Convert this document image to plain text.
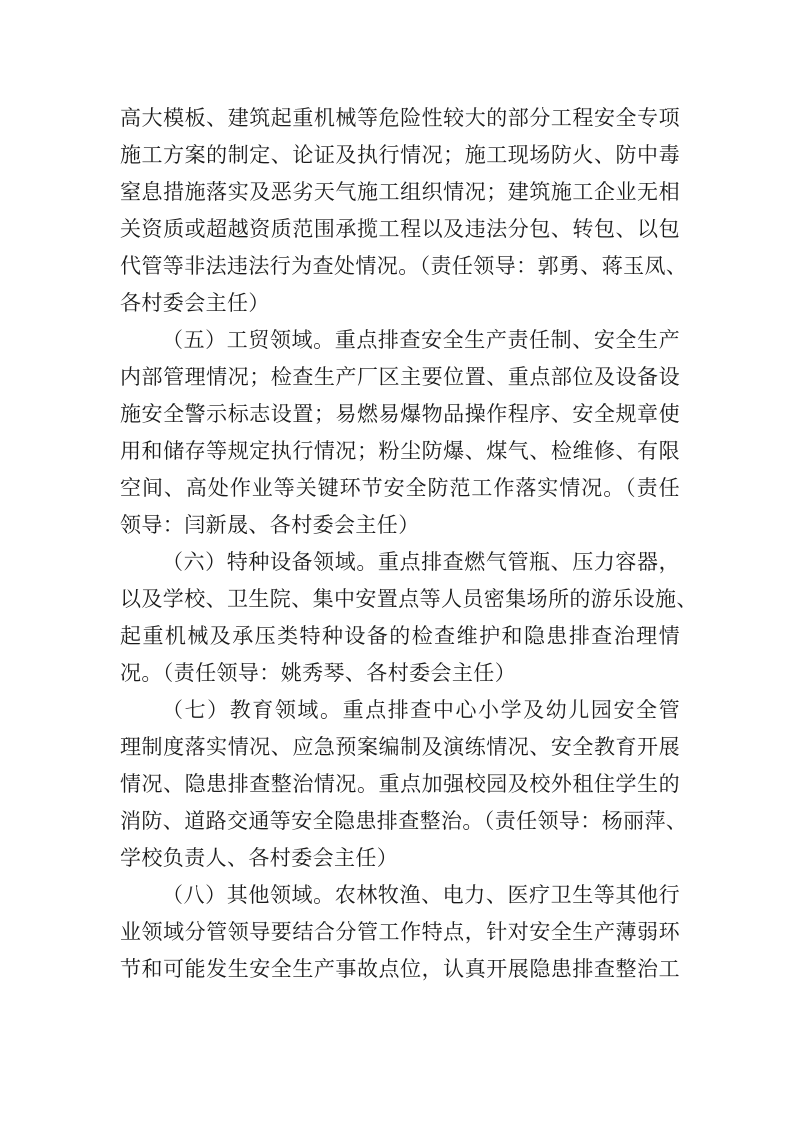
高大模板、建筑起重机械等危险性较大的部分工程安全专项
施工方案的制定、论证及执行情况；施工现场防火、防中毒
窒息措施落实及恶劣天气施工组织情况；建筑施工企业无相
关资质或超越资质范围承揽工程以及违法分包、转包、以包
代管等非法违法行为查处情况。（责任领导：郭勇、蒋玉凤、
各村委会主任）
（五）工贸领域。重点排查安全生产责任制、安全生产
内部管理情况；检查生产厂区主要位置、重点部位及设备设
施安全警示标志设置；易燃易爆物品操作程序、安全规章使
用和储存等规定执行情况；粉尘防爆、煤气、检维修、有限
空间、高处作业等关键环节安全防范工作落实情况。（责任
领导：闫新晟、各村委会主任）
（六）特种设备领域。重点排查燃气管瓶、压力容器，
以及学校、卫生院、集中安置点等人员密集场所的游乐设施、
起重机械及承压类特种设备的检查维护和隐患排查治理情
况。（责任领导：姚秀琴、各村委会主任）
（七）教育领域。重点排查中心小学及幼儿园安全管
理制度落实情况、应急预案编制及演练情况、安全教育开展
情况、隐患排查整治情况。重点加强校园及校外租住学生的
消防、道路交通等安全隐患排查整治。（责任领导：杨丽萍、
学校负责人、各村委会主任）
（八）其他领域。农林牧渔、电力、医疗卫生等其他行
业领域分管领导要结合分管工作特点，针对安全生产薄弱环
节和可能发生安全生产事故点位，认真开展隐患排查整治工
